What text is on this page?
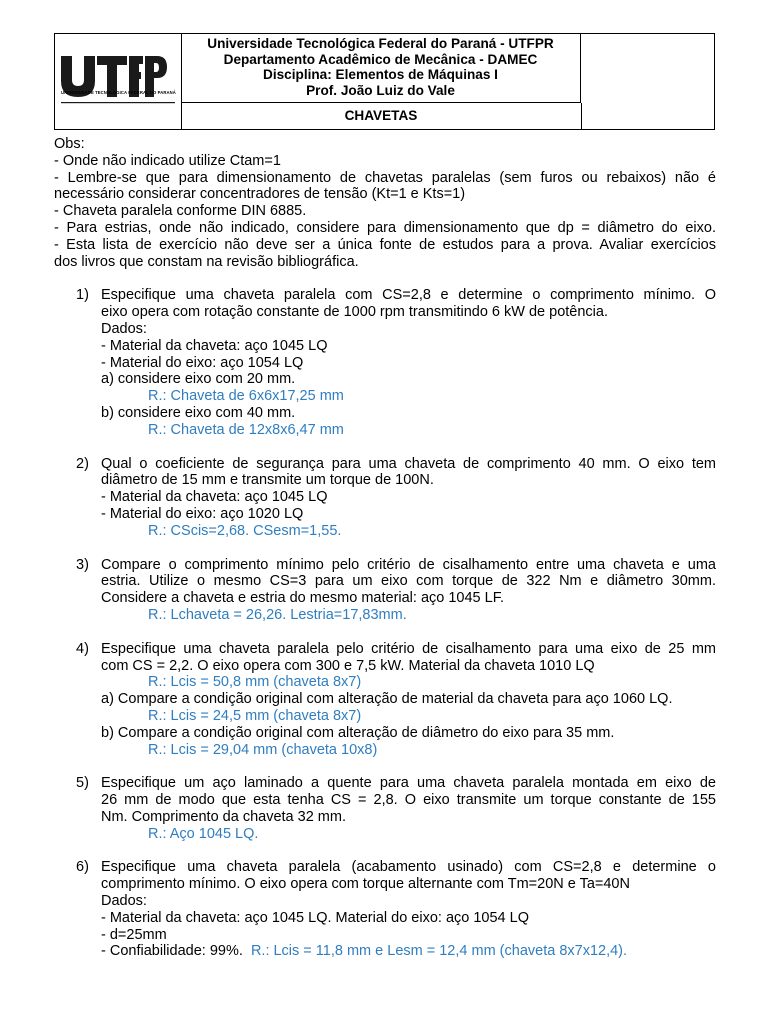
UNIVERSIDADE TECNOLÓGICA FEDERAL DO PARANÁ
Universidade Tecnológica Federal do Paraná - UTFPR
Departamento Acadêmico de Mecânica - DAMEC
Disciplina: Elementos de Máquinas I
Prof. João Luiz do Vale
CHAVETAS

Obs:

- Onde não indicado utilize Ctam=1

- Lembre-se que para dimensionamento de chavetas paralelas (sem furos ou rebaixos) não é

necessário considerar concentradores de tensão (Kt=1 e Kts=1)

- Chaveta paralela conforme DIN 6885.

- Para estrias, onde não indicado, considere para dimensionamento que dp = diâmetro do eixo.

- Esta lista de exercício não deve ser a única fonte de estudos para a prova. Avaliar exercícios

dos livros que constam na revisão bibliográfica.

1) Especifique uma chaveta paralela com CS=2,8 e determine o comprimento mínimo. O

eixo opera com rotação constante de 1000 rpm transmitindo 6 kW de potência.

Dados:

- Material da chaveta: aço 1045 LQ

- Material do eixo: aço 1054 LQ

a) considere eixo com 20 mm.

R.: Chaveta de 6x6x17,25 mm

b) considere eixo com 40 mm.

R.: Chaveta de 12x8x6,47 mm

2) Qual o coeficiente de segurança para uma chaveta de comprimento 40 mm. O eixo tem

diâmetro de 15 mm e transmite um torque de 100N.

- Material da chaveta: aço 1045 LQ

- Material do eixo: aço 1020 LQ

R.: CScis=2,68. CSesm=1,55.

3) Compare o comprimento mínimo pelo critério de cisalhamento entre uma chaveta e uma

estria. Utilize o mesmo CS=3 para um eixo com torque de 322 Nm e diâmetro 30mm.

Considere a chaveta e estria do mesmo material: aço 1045 LF.

R.: Lchaveta = 26,26. Lestria=17,83mm.

4) Especifique uma chaveta paralela pelo critério de cisalhamento para uma eixo de 25 mm

com CS = 2,2. O eixo opera com 300 e 7,5 kW. Material da chaveta 1010 LQ

R.: Lcis = 50,8 mm (chaveta 8x7)

a) Compare a condição original com alteração de material da chaveta para aço 1060 LQ.

R.: Lcis = 24,5 mm (chaveta 8x7)

b) Compare a condição original com alteração de diâmetro do eixo para 35 mm.

R.: Lcis = 29,04 mm (chaveta 10x8)

5) Especifique um aço laminado a quente para uma chaveta paralela montada em eixo de

26 mm de modo que esta tenha CS = 2,8. O eixo transmite um torque constante de 155

Nm. Comprimento da chaveta 32 mm.

R.: Aço 1045 LQ.

6) Especifique uma chaveta paralela (acabamento usinado) com CS=2,8 e determine o

comprimento mínimo. O eixo opera com torque alternante com Tm=20N e Ta=40N

Dados:

- Material da chaveta: aço 1045 LQ. Material do eixo: aço 1054 LQ

- d=25mm

- Confiabilidade: 99%. R.: Lcis = 11,8 mm e Lesm = 12,4 mm (chaveta 8x7x12,4).
